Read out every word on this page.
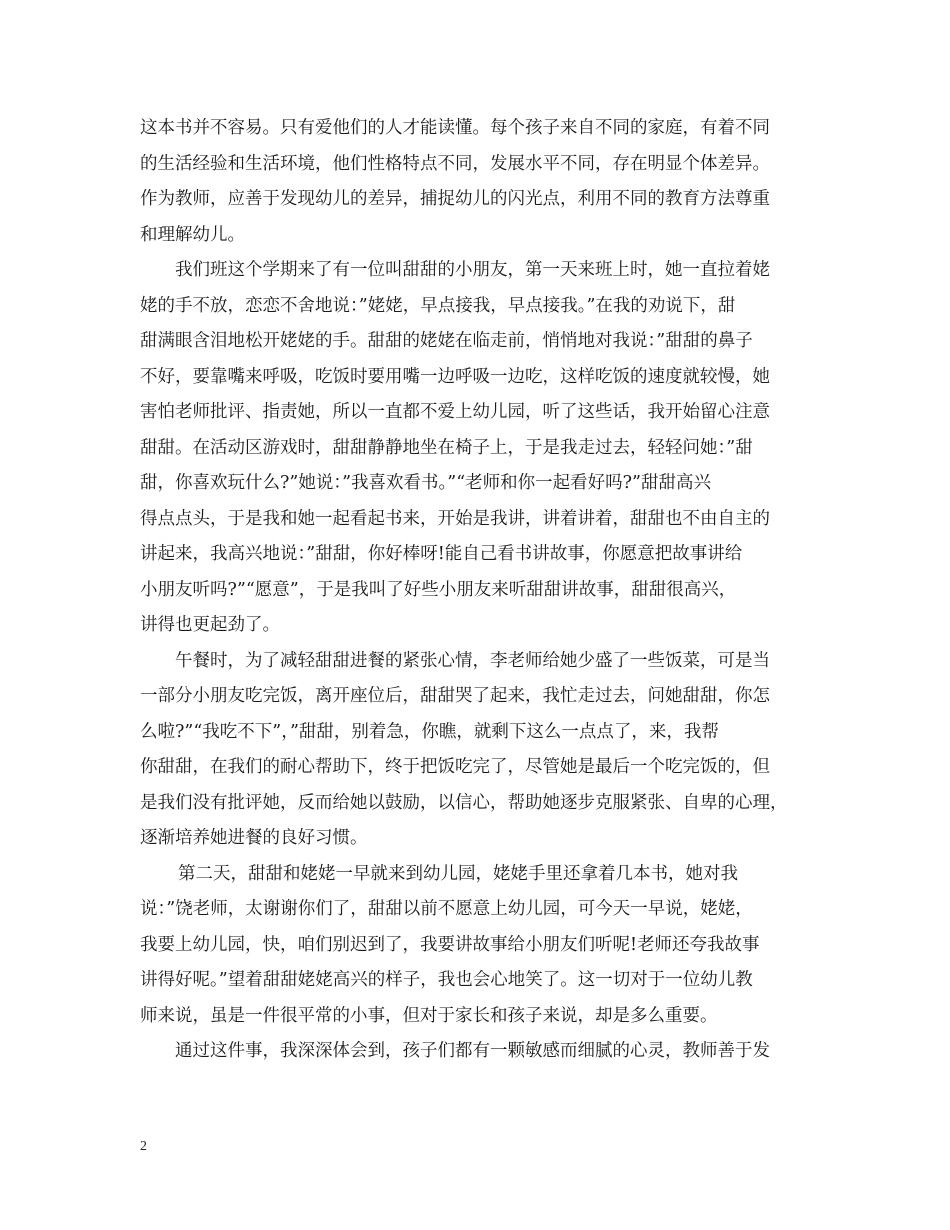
这本书并不容易。只有爱他们的人才能读懂。每个孩子来自不同的家庭，有着不同
的生活经验和生活环境，他们性格特点不同，发展水平不同，存在明显个体差异。
作为教师，应善于发现幼儿的差异，捕捉幼儿的闪光点，利用不同的教育方法尊重
和理解幼儿。

我们班这个学期来了有一位叫甜甜的小朋友，第一天来班上时，她一直拉着姥
姥的手不放，恋恋不舍地说：”姥姥，早点接我，早点接我。”在我的劝说下，甜
甜满眼含泪地松开姥姥的手。甜甜的姥姥在临走前，悄悄地对我说：”甜甜的鼻子
不好，要靠嘴来呼吸，吃饭时要用嘴一边呼吸一边吃，这样吃饭的速度就较慢，她
害怕老师批评、指责她，所以一直都不爱上幼儿园，听了这些话，我开始留心注意
甜甜。在活动区游戏时，甜甜静静地坐在椅子上，于是我走过去，轻轻问她：”甜
甜，你喜欢玩什么?”她说：”我喜欢看书。”“老师和你一起看好吗?”甜甜高兴
得点点头，于是我和她一起看起书来，开始是我讲，讲着讲着，甜甜也不由自主的
讲起来，我高兴地说：”甜甜，你好棒呀!能自己看书讲故事，你愿意把故事讲给
小朋友听吗?”“愿意”，于是我叫了好些小朋友来听甜甜讲故事，甜甜很高兴，
讲得也更起劲了。

午餐时，为了减轻甜甜进餐的紧张心情，李老师给她少盛了一些饭菜，可是当
一部分小朋友吃完饭，离开座位后，甜甜哭了起来，我忙走过去，问她甜甜，你怎
么啦?”“我吃不下”，”甜甜，别着急，你瞧，就剩下这么一点点了，来，我帮
你甜甜，在我们的耐心帮助下，终于把饭吃完了，尽管她是最后一个吃完饭的，但
是我们没有批评她，反而给她以鼓励，以信心，帮助她逐步克服紧张、自卑的心理，
逐渐培养她进餐的良好习惯。

第二天，甜甜和姥姥一早就来到幼儿园，姥姥手里还拿着几本书，她对我
说：”饶老师，太谢谢你们了，甜甜以前不愿意上幼儿园，可今天一早说，姥姥，
我要上幼儿园，快，咱们别迟到了，我要讲故事给小朋友们听呢!老师还夸我故事
讲得好呢。”望着甜甜姥姥高兴的样子，我也会心地笑了。这一切对于一位幼儿教
师来说，虽是一件很平常的小事，但对于家长和孩子来说，却是多么重要。

通过这件事，我深深体会到，孩子们都有一颗敏感而细腻的心灵，教师善于发

2
